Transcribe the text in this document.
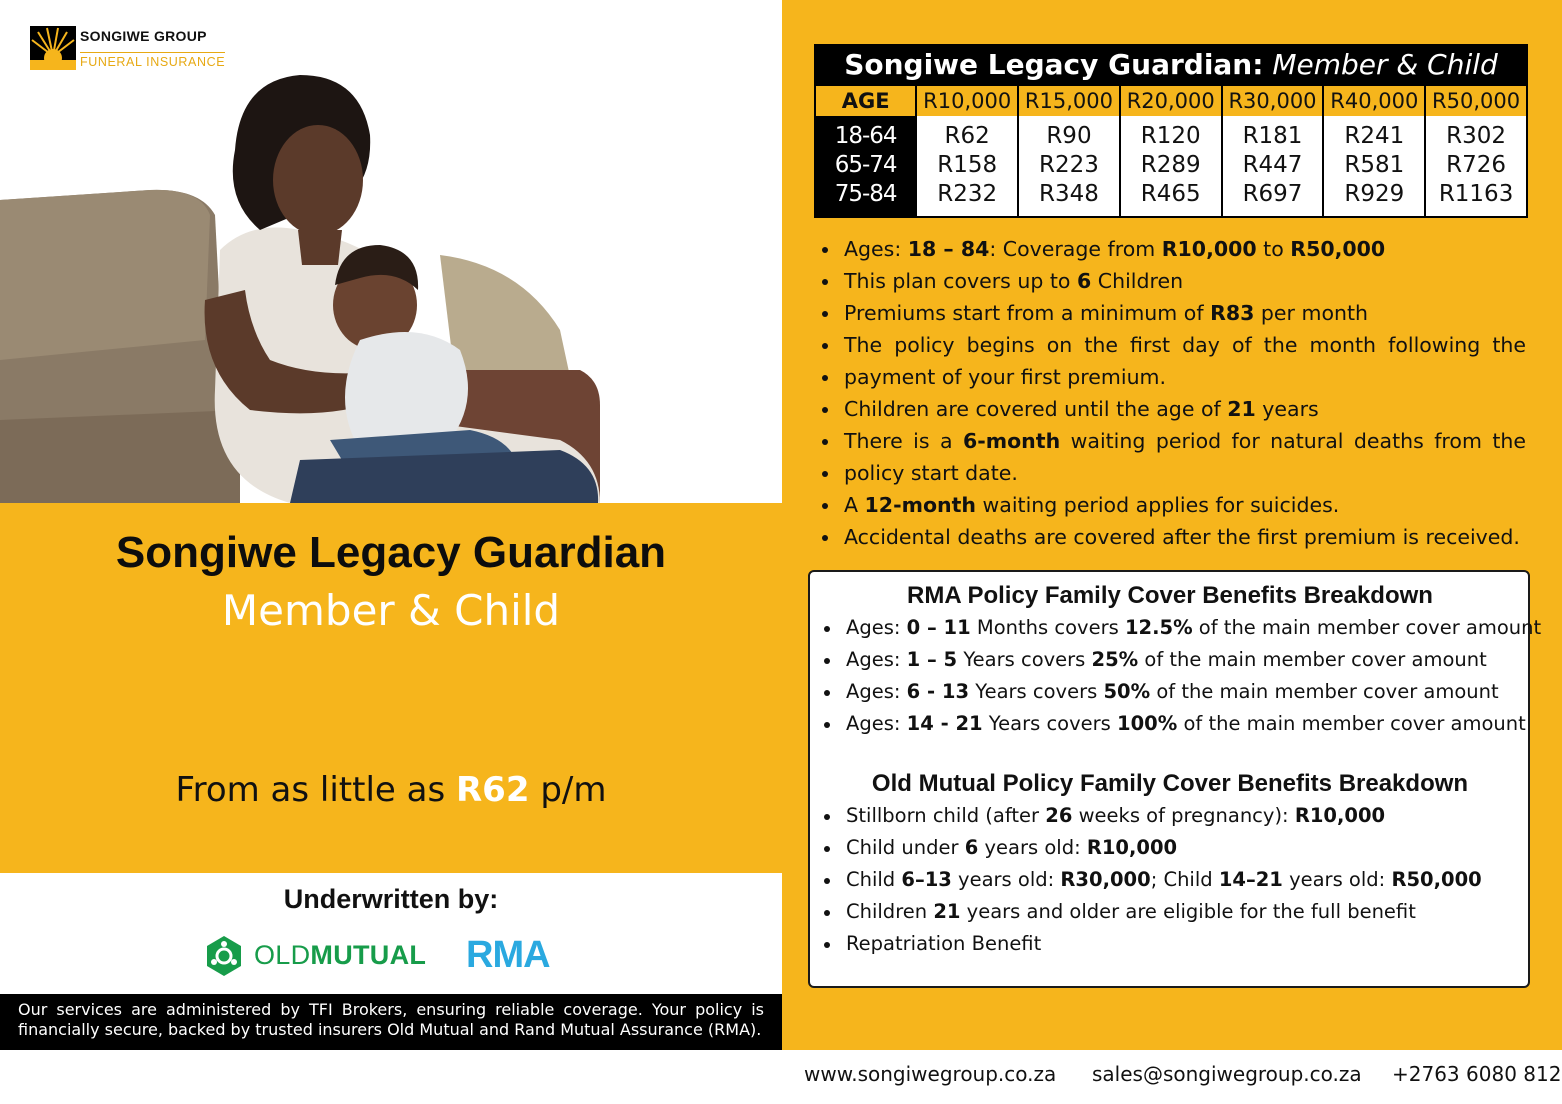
SONGIWE GROUP
FUNERAL INSURANCE
Songiwe Legacy Guardian
Member & Child
From as little as R62 p/m
Underwritten by:
OLDMUTUAL RMA
Our services are administered by TFI Brokers, ensuring reliable coverage. Your policy is
financially secure, backed by trusted insurers Old Mutual and Rand Mutual Assurance (RMA).
Songiwe Legacy Guardian: Member & Child
AGE	R10,000 R15,000 R20,000 R30,000 R40,000 R50,000
18-64
65-74
75-84
R62
R158
R232
R90
R223
R348
R120
R289
R465
R181
R447
R697
R241
R581
R929
R302
R726
R1163
Ages: 18 – 84: Coverage from R10,000 to R50,000
This plan covers up to 6 Children
Premiums start from a minimum of R83 per month
The policy begins on the first day of the month following the
payment of your first premium.
Children are covered until the age of 21 years
There is a 6-month waiting period for natural deaths from the
policy start date.
A 12-month waiting period applies for suicides.
Accidental deaths are covered after the first premium is received.
RMA Policy Family Cover Benefits Breakdown
Ages: 0 – 11 Months covers 12.5% of the main member cover amount
Ages: 1 – 5 Years covers 25% of the main member cover amount
Ages: 6 - 13 Years covers 50% of the main member cover amount
Ages: 14 - 21 Years covers 100% of the main member cover amount
Old Mutual Policy Family Cover Benefits Breakdown
Stillborn child (after 26 weeks of pregnancy): R10,000
Child under 6 years old: R10,000
Child 6–13 years old: R30,000; Child 14–21 years old: R50,000
Children 21 years and older are eligible for the full benefit
Repatriation Benefit
www.songiwegroup.co.za sales@songiwegroup.co.za +2763 6080 812
